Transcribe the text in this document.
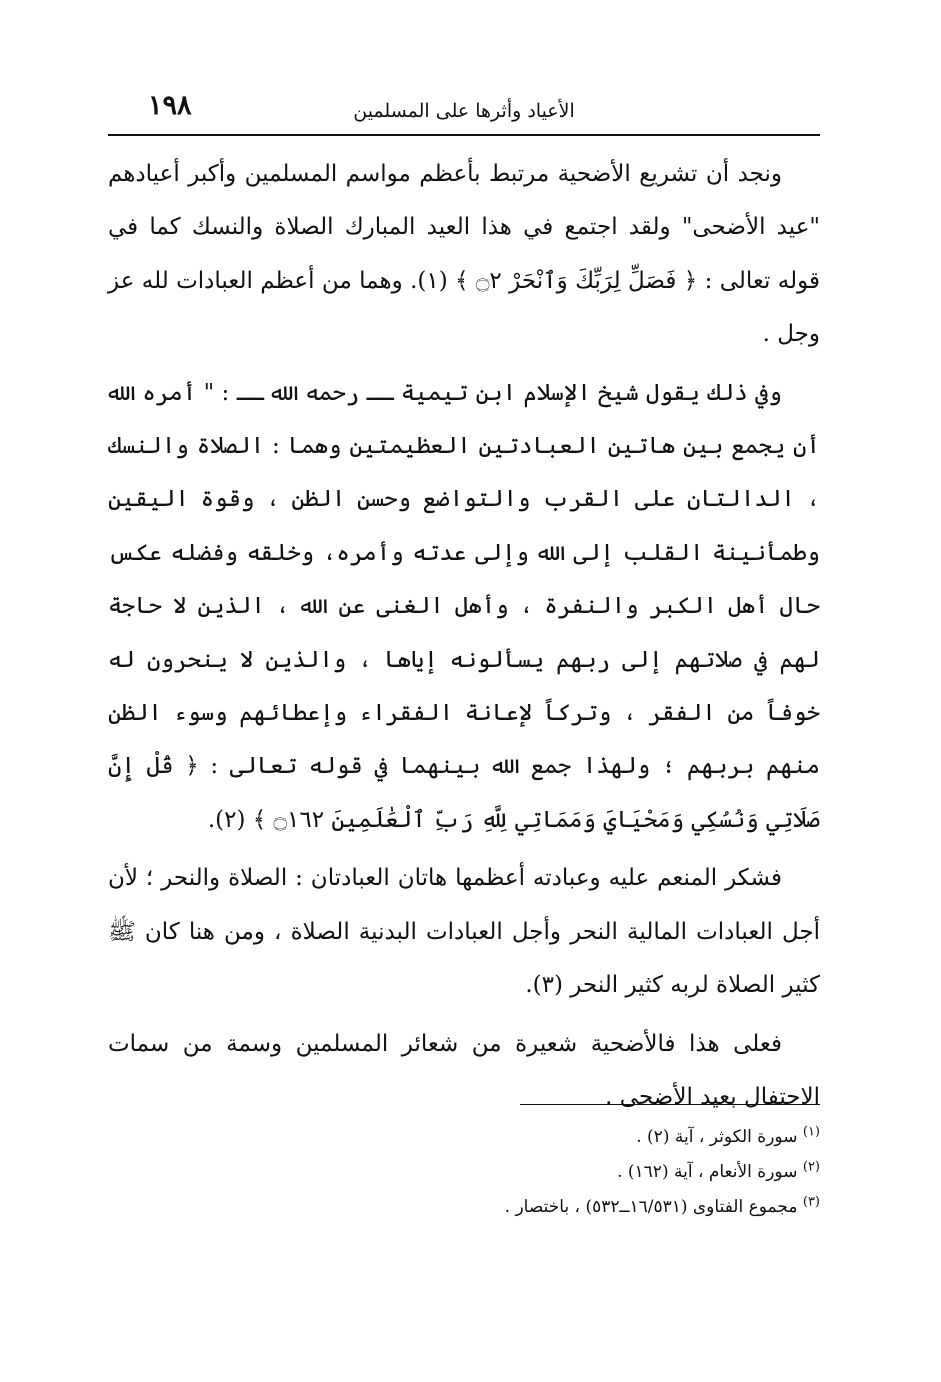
١٩٨	الأعياد وأثرها على المسلمين

ونجد أن تشريع الأضحية مرتبط بأعظم مواسم المسلمين وأكبر أعيادهم "عيد الأضحى" ولقد اجتمع في هذا العيد المبارك الصلاة والنسك كما في قوله تعالى : ﴿ فَصَلِّ لِرَبِّكَ وَٱنْحَرْ ۝٢ ﴾ (١). وهما من أعظم العبادات لله عز وجل .

وفي ذلك يقول شيخ الإسلام ابن تيمية ــ رحمه الله ــ : " أمره الله أن يجمع بين هاتين العبادتين العظيمتين وهما : الصلاة والنسك ، الدالتان على القرب والتواضع وحسن الظن ، وقوة اليقين وطمأنينة القلب إلى الله وإلى عدته وأمره، وخلقه وفضله عكس حال أهل الكبر والنفرة ، وأهل الغنى عن الله ، الذين لا حاجة لهم في صلاتهم إلى ربهم يسألونه إياها ، والذين لا ينحرون له خوفاً من الفقر ، وتركاً لإعانة الفقراء وإعطائهم وسوء الظن منهم بربهم ؛ ولهذا جمع الله بينهما في قوله تعالى : ﴿ قُلْ إِنَّ صَلَاتِي وَنُسُكِي وَمَحْيَايَ وَمَمَاتِي لِلَّهِ رَبِّ ٱلْعَٰلَمِينَ ۝١٦٢ ﴾ (٢).

فشكر المنعم عليه وعبادته أعظمها هاتان العبادتان : الصلاة والنحر ؛ لأن أجل العبادات المالية النحر وأجل العبادات البدنية الصلاة ، ومن هنا كان ﷺ كثير الصلاة لربه كثير النحر (٣).

فعلى هذا فالأضحية شعيرة من شعائر المسلمين وسمة من سمات الاحتفال بعيد الأضحى .

$^{(١)}$ سورة الكوثر ، آية (٢) .

$^{(٢)}$ سورة الأنعام ، آية (١٦٢) .

$^{(٣)}$ مجموع الفتاوى (١٦/٥٣١ــ٥٣٢) ، باختصار .
